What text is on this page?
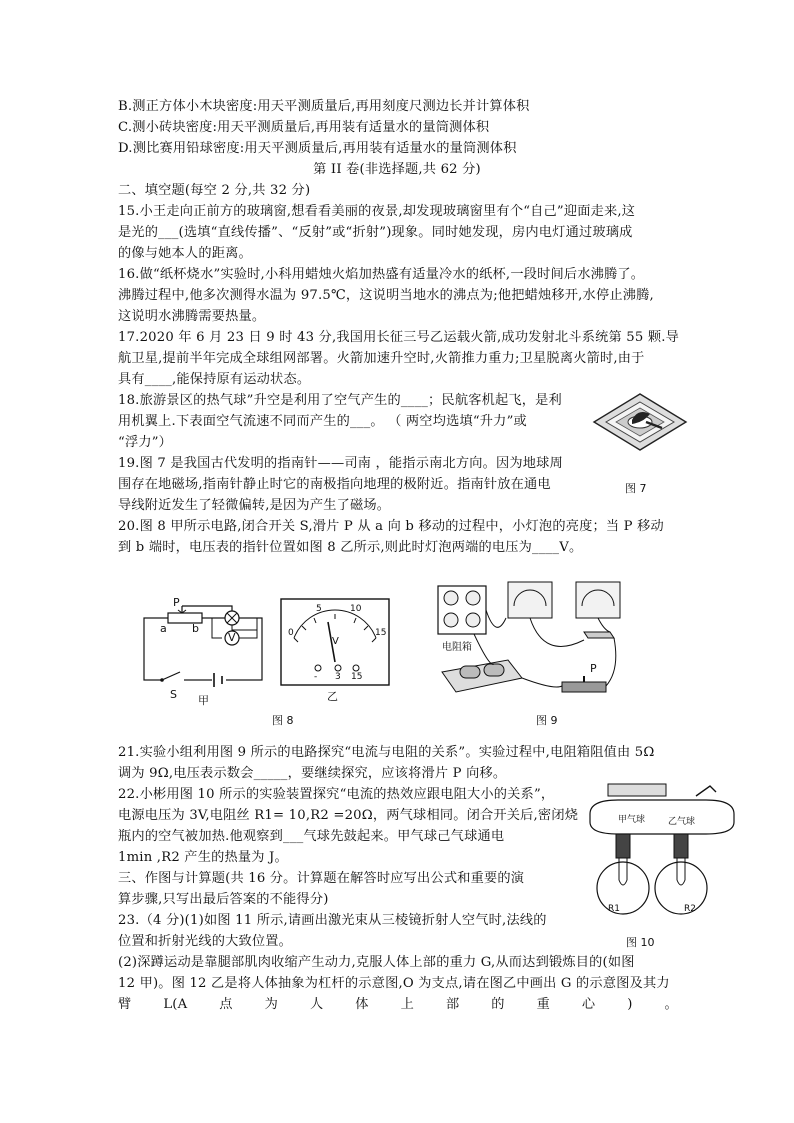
B.测正方体小木块密度:用天平测质量后,再用刻度尺测边长并计算体积
C.测小砖块密度:用天平测质量后,再用装有适量水的量筒测体积
D.测比赛用铅球密度:用天平测质量后,再用装有适量水的量筒测体积
第 II 卷(非选择题,共 62 分)
二、填空题(每空 2 分,共 32 分)
15.小王走向正前方的玻璃窗,想看看美丽的夜景,却发现玻璃窗里有个“自己”迎面走来,这
是光的___(选填“直线传播”、“反射”或“折射”)现象。同时她发现，房内电灯通过玻璃成
的像与她本人的距离。
16.做“纸杯烧水”实验时,小科用蜡烛火焰加热盛有适量冷水的纸杯,一段时间后水沸腾了。
沸腾过程中,他多次测得水温为 97.5℃，这说明当地水的沸点为;他把蜡烛移开,水停止沸腾,
这说明水沸腾需要热量。
17.2020 年 6 月 23 日 9 时 43 分,我国用长征三号乙运载火箭,成功发射北斗系统第 55 颗.导
航卫星,提前半年完成全球组网部署。火箭加速升空时,火箭推力重力;卫星脱离火箭时,由于
具有____,能保持原有运动状态。
18.旅游景区的热气球”升空是利用了空气产生的____；民航客机起飞，是利
用机翼上.下表面空气流速不同而产生的___。 （ 两空均选填“升力”或
“浮力”）
19.图 7 是我国古代发明的指南针——司南 ，能指示南北方向。因为地球周
围存在地磁场,指南针静止时它的南极指向地理的极附近。指南针放在通电
导线附近发生了轻微偏转,是因为产生了磁场。
20.图 8 甲所示电路,闭合开关 S,滑片 P 从 a 向 b 移动的过程中，小灯泡的亮度；当 P 移动
到 b 端时，电压表的指针位置如图 8 乙所示,则此时灯泡两端的电压为____V。
21.实验小组利用图 9 所示的电路探究“电流与电阻的关系”。实验过程中,电阻箱阻值由 5Ω
调为 9Ω,电压表示数会_____，要继续探究，应该将滑片 P 向移。
22.小彬用图 10 所示的实验装置探究“电流的热效应跟电阻大小的关系”，
电源电压为 3V,电阻丝 R1= 10,R2 =20Ω，两气球相同。闭合开关后,密闭烧
瓶内的空气被加热.他观察到___气球先鼓起来。甲气球己气球通电
1min ,R2 产生的热量为 J。
三、作图与计算题(共 16 分。计算题在解答时应写出公式和重要的演
算步骤,只写出最后答案的不能得分)
23.（4 分)(1)如图 11 所示,请画出激光束从三棱镜折射人空气时,法线的
位置和折射光线的大致位置。
(2)深蹲运动是靠腿部肌肉收缩产生动力,克服人体上部的重力 G,从而达到锻炼目的(如图
12 甲)。图 12 乙是将人体抽象为杠杆的示意图,O 为支点,请在图乙中画出 G 的示意图及其力
臂 L(A 点 为 人 体 上 部 的 重 心 ) 。
图 7
P
a b
V
S 甲
0
5	10
15
V
- 3 15
乙
图 8
电阻箱
P
图 9
甲气球	乙气球
R1	R2
图 10
